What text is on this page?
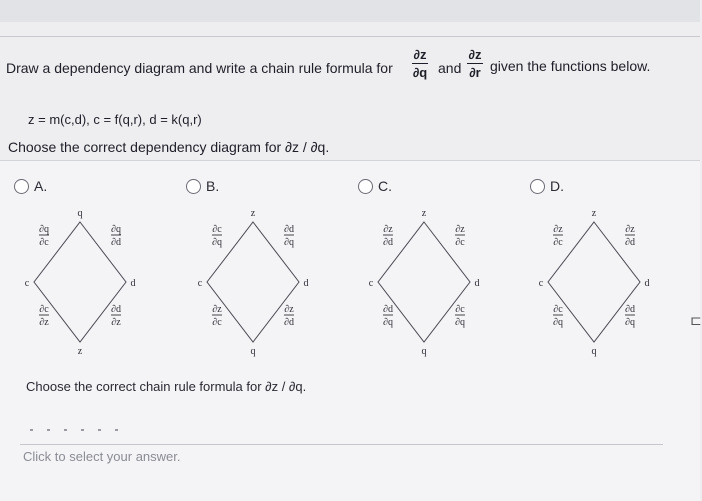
Draw a dependency diagram and write a chain rule formula for
∂z
∂q and
∂z
∂r given the functions below.
z = m(c,d), c = f(q,r), d = k(q,r)
Choose the correct dependency diagram for ∂z / ∂q.
A.	B.	C.	D.
q
c	d
z
∂q
∂c
∂q
∂d
∂c
∂z
∂d
∂z
z
c	d
q
∂c
∂q
∂d
∂q
∂z
∂c
∂z
∂d
z
c	d
q
∂z
∂d
∂z
∂c
∂d
∂q
∂c
∂q
z
c	d
q
∂z
∂c
∂z
∂d
∂c
∂q
∂d
∂q
Choose the correct chain rule formula for ∂z / ∂q.
Click to select your answer.
⊏
